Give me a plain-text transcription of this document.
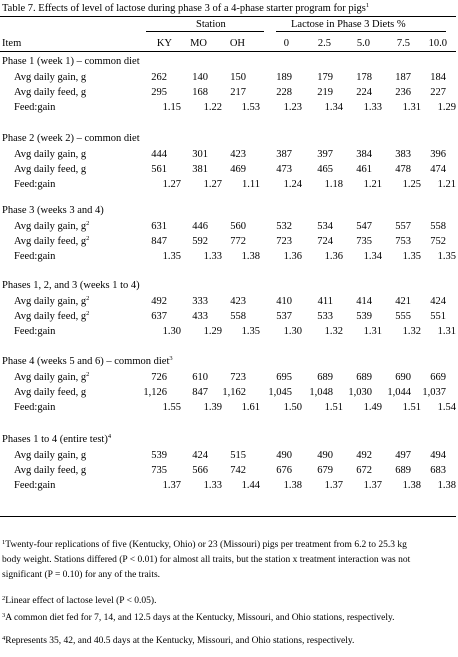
Table 7. Effects of level of lactose during phase 3 of a 4-phase starter program for pigs$^1$
Station	Lactose in Phase 3 Diets %
Item	KY	MO	OH	0	2.5	5.0	7.5	10.0
Phase 1 (week 1) – common diet
Avg daily gain, g	262	140	150	189	179	178	187	184
Avg daily feed, g	295	168	217	228	219	224	236	227
Feed:gain	1.15	1.22	1.53	1.23	1.34	1.33	1.31	1.29
Phase 2 (week 2) – common diet
Avg daily gain, g	444	301	423	387	397	384	383	396
Avg daily feed, g	561	381	469	473	465	461	478	474
Feed:gain	1.27	1.27	1.11	1.24	1.18	1.21	1.25	1.21
Phase 3 (weeks 3 and 4)
Avg daily gain, $g^2$	631	446	560	532	534	547	557	558
Avg daily feed, $g^2$	847	592	772	723	724	735	753	752
Feed:gain	1.35	1.33	1.38	1.36	1.36	1.34	1.35	1.35
Phases 1, 2, and 3 (weeks 1 to 4)
Avg daily gain, $g^2$	492	333	423	410	411	414	421	424
Avg daily feed, $g^2$	637	433	558	537	533	539	555	551
Feed:gain	1.30	1.29	1.35	1.30	1.32	1.31	1.32	1.31
Phase 4 (weeks 5 and 6) – common diet$^3$
Avg daily gain, $g^2$	726	610	723	695	689	689	690	669
Avg daily feed, g	1,126	847	1,162	1,045	1,048	1,030	1,044	1,037
Feed:gain	1.55	1.39	1.61	1.50	1.51	1.49	1.51	1.54
Phases 1 to 4 (entire test)$^4$
Avg daily gain, g	539	424	515	490	490	492	497	494
Avg daily feed, g	735	566	742	676	679	672	689	683
Feed:gain	1.37	1.33	1.44	1.38	1.37	1.37	1.38	1.38
$^1$Twenty-four replications of five (Kentucky, Ohio) or 23 (Missouri) pigs per treatment from 6.2 to 25.3 kg
body weight. Stations differed (P < 0.01) for almost all traits, but the station x treatment interaction was not
significant (P = 0.10) for any of the traits.
$^2$Linear effect of lactose level (P < 0.05).
$^3$A common diet fed for 7, 14, and 12.5 days at the Kentucky, Missouri, and Ohio stations, respectively.
$^4$Represents 35, 42, and 40.5 days at the Kentucky, Missouri, and Ohio stations, respectively.
